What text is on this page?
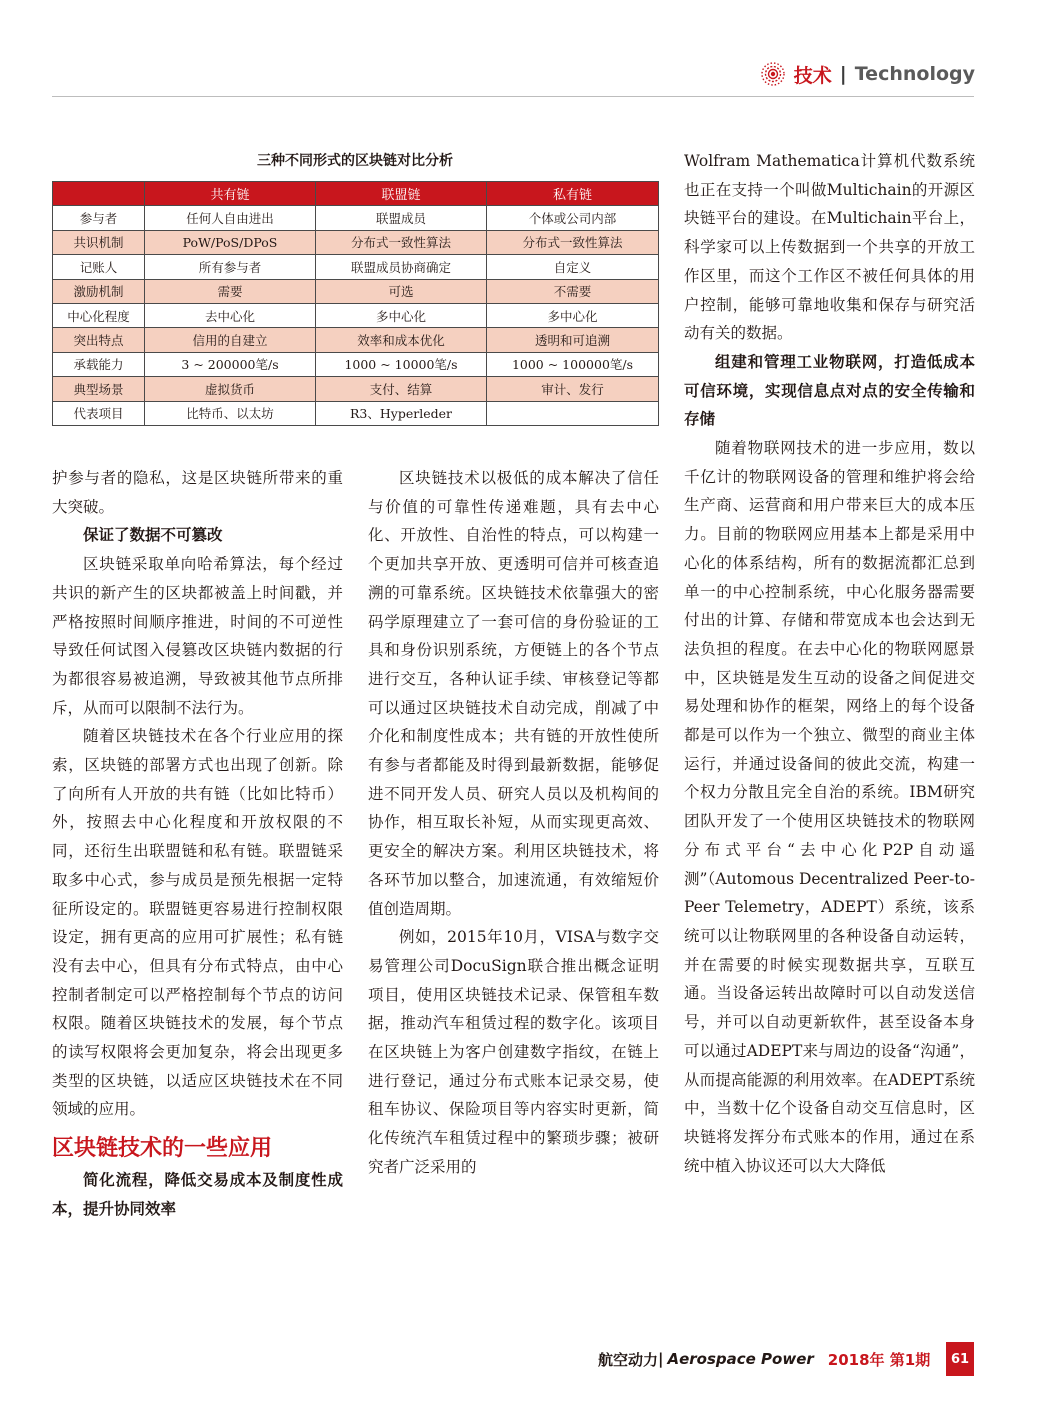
技术 | Technology
三种不同形式的区块链对比分析
	共有链	联盟链	私有链
参与者	任何人自由进出	联盟成员	个体或公司内部
共识机制	PoW/PoS/DPoS	分布式一致性算法	分布式一致性算法
记账人	所有参与者	联盟成员协商确定	自定义
激励机制	需要	可选	不需要
中心化程度	去中心化	多中心化	多中心化
突出特点	信用的自建立	效率和成本优化	透明和可追溯
承载能力	3 ~ 200000笔/s	1000 ~ 10000笔/s	1000 ~ 100000笔/s
典型场景	虚拟货币	支付、结算	审计、发行
代表项目	比特币、以太坊	R3、Hyperleder	

护参与者的隐私，这是区块链所带来的重大突破。

保证了数据不可篡改

区块链采取单向哈希算法，每个经过共识的新产生的区块都被盖上时间戳，并严格按照时间顺序推进，时间的不可逆性导致任何试图入侵篡改区块链内数据的行为都很容易被追溯，导致被其他节点所排斥，从而可以限制不法行为。

随着区块链技术在各个行业应用的探索，区块链的部署方式也出现了创新。除了向所有人开放的共有链（比如比特币）外，按照去中心化程度和开放权限的不同，还衍生出联盟链和私有链。联盟链采取多中心式，参与成员是预先根据一定特征所设定的。联盟链更容易进行控制权限设定，拥有更高的应用可扩展性；私有链没有去中心，但具有分布式特点，由中心控制者制定可以严格控制每个节点的访问权限。随着区块链技术的发展，每个节点的读写权限将会更加复杂，将会出现更多类型的区块链，以适应区块链技术在不同领域的应用。

区块链技术的一些应用

简化流程，降低交易成本及制度性成本，提升协同效率

区块链技术以极低的成本解决了信任与价值的可靠性传递难题，具有去中心化、开放性、自治性的特点，可以构建一个更加共享开放、更透明可信并可核查追溯的可靠系统。区块链技术依靠强大的密码学原理建立了一套可信的身份验证的工具和身份识别系统，方便链上的各个节点进行交互，各种认证手续、审核登记等都可以通过区块链技术自动完成，削减了中介化和制度性成本；共有链的开放性使所有参与者都能及时得到最新数据，能够促进不同开发人员、研究人员以及机构间的协作，相互取长补短，从而实现更高效、更安全的解决方案。利用区块链技术，将各环节加以整合，加速流通，有效缩短价值创造周期。

例如，2015年10月，VISA与数字交易管理公司DocuSign联合推出概念证明项目，使用区块链技术记录、保管租车数据，推动汽车租赁过程的数字化。该项目在区块链上为客户创建数字指纹，在链上进行登记，通过分布式账本记录交易，使租车协议、保险项目等内容实时更新，简化传统汽车租赁过程中的繁琐步骤；被研究者广泛采用的

Wolfram Mathematica计算机代数系统也正在支持一个叫做Multichain的开源区块链平台的建设。在Multichain平台上，科学家可以上传数据到一个共享的开放工作区里，而这个工作区不被任何具体的用户控制，能够可靠地收集和保存与研究活动有关的数据。

组建和管理工业物联网，打造低成本可信环境，实现信息点对点的安全传输和存储

随着物联网技术的进一步应用，数以千亿计的物联网设备的管理和维护将会给生产商、运营商和用户带来巨大的成本压力。目前的物联网应用基本上都是采用中心化的体系结构，所有的数据流都汇总到单一的中心控制系统，中心化服务器需要付出的计算、存储和带宽成本也会达到无法负担的程度。在去中心化的物联网愿景中，区块链是发生互动的设备之间促进交易处理和协作的框架，网络上的每个设备都是可以作为一个独立、微型的商业主体运行，并通过设备间的彼此交流，构建一个权力分散且完全自治的系统。IBM研究团队开发了一个使用区块链技术的物联网分布式平台“去中心化P2P自动遥测”（Automous Decentralized Peer-to-Peer Telemetry，ADEPT）系统，该系统可以让物联网里的各种设备自动运转，并在需要的时候实现数据共享，互联互通。当设备运转出故障时可以自动发送信号，并可以自动更新软件，甚至设备本身可以通过ADEPT来与周边的设备“沟通”，从而提高能源的利用效率。在ADEPT系统中，当数十亿个设备自动交互信息时，区块链将发挥分布式账本的作用，通过在系统中植入协议还可以大大降低

航空动力 | Aerospace Power 2018年 第1期	61
